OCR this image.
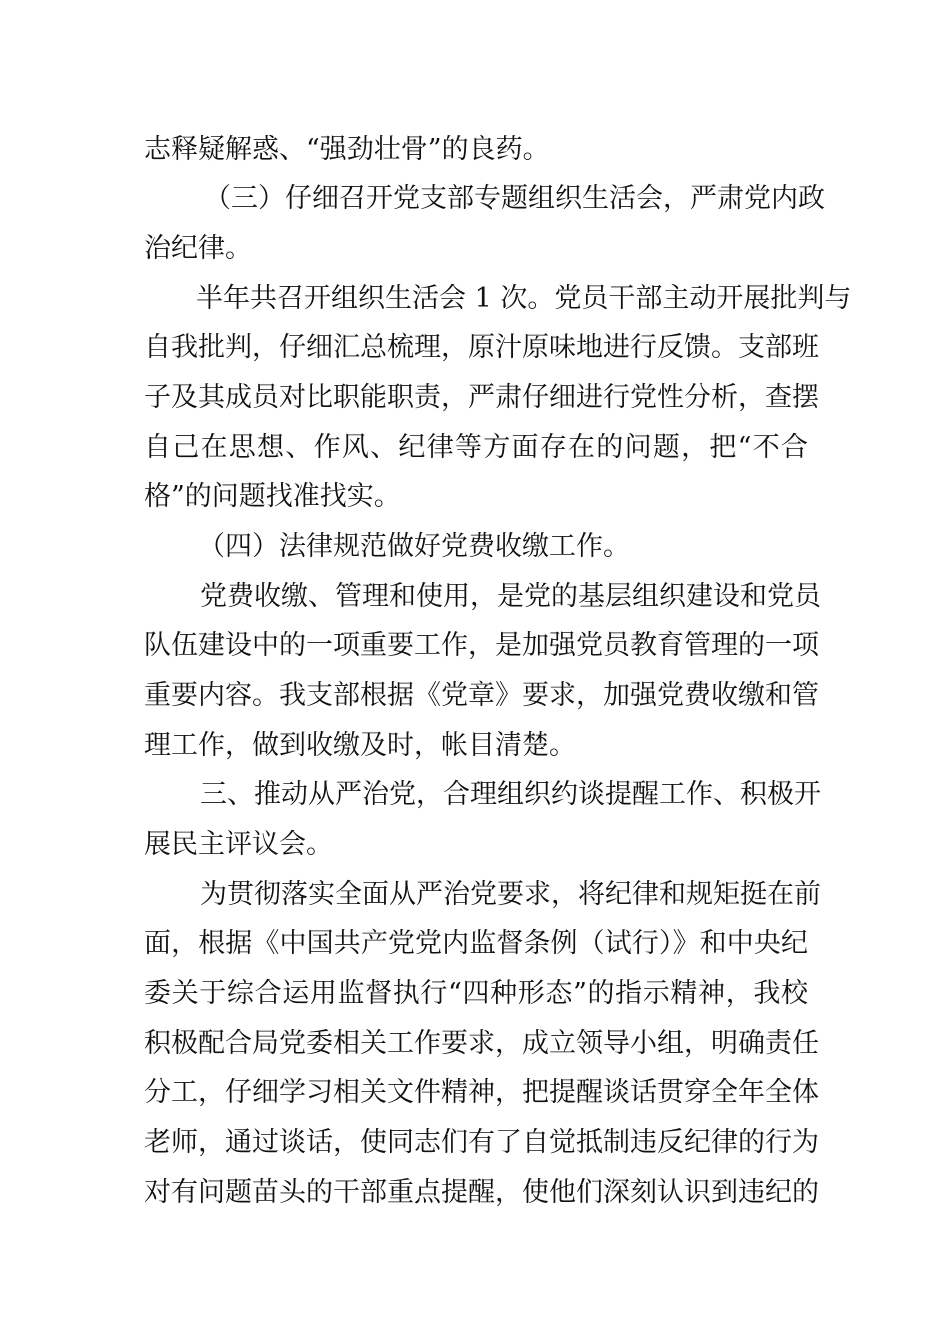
志释疑解惑、“强劲壮骨”的良药。
（三）仔细召开党支部专题组织生活会，严肃党内政
治纪律。
半年共召开组织生活会 1 次。党员干部主动开展批判与
自我批判，仔细汇总梳理，原汁原味地进行反馈。支部班
子及其成员对比职能职责，严肃仔细进行党性分析，查摆
自己在思想、作风、纪律等方面存在的问题，把“不合
格”的问题找准找实。
（四）法律规范做好党费收缴工作。
党费收缴、管理和使用，是党的基层组织建设和党员
队伍建设中的一项重要工作，是加强党员教育管理的一项
重要内容。我支部根据《党章》要求，加强党费收缴和管
理工作，做到收缴及时，帐目清楚。
三、推动从严治党，合理组织约谈提醒工作、积极开
展民主评议会。
为贯彻落实全面从严治党要求，将纪律和规矩挺在前
面，根据《中国共产党党内监督条例（试行）》和中央纪
委关于综合运用监督执行“四种形态”的指示精神，我校
积极配合局党委相关工作要求，成立领导小组，明确责任
分工，仔细学习相关文件精神，把提醒谈话贯穿全年全体
老师，通过谈话，使同志们有了自觉抵制违反纪律的行为
对有问题苗头的干部重点提醒，使他们深刻认识到违纪的
